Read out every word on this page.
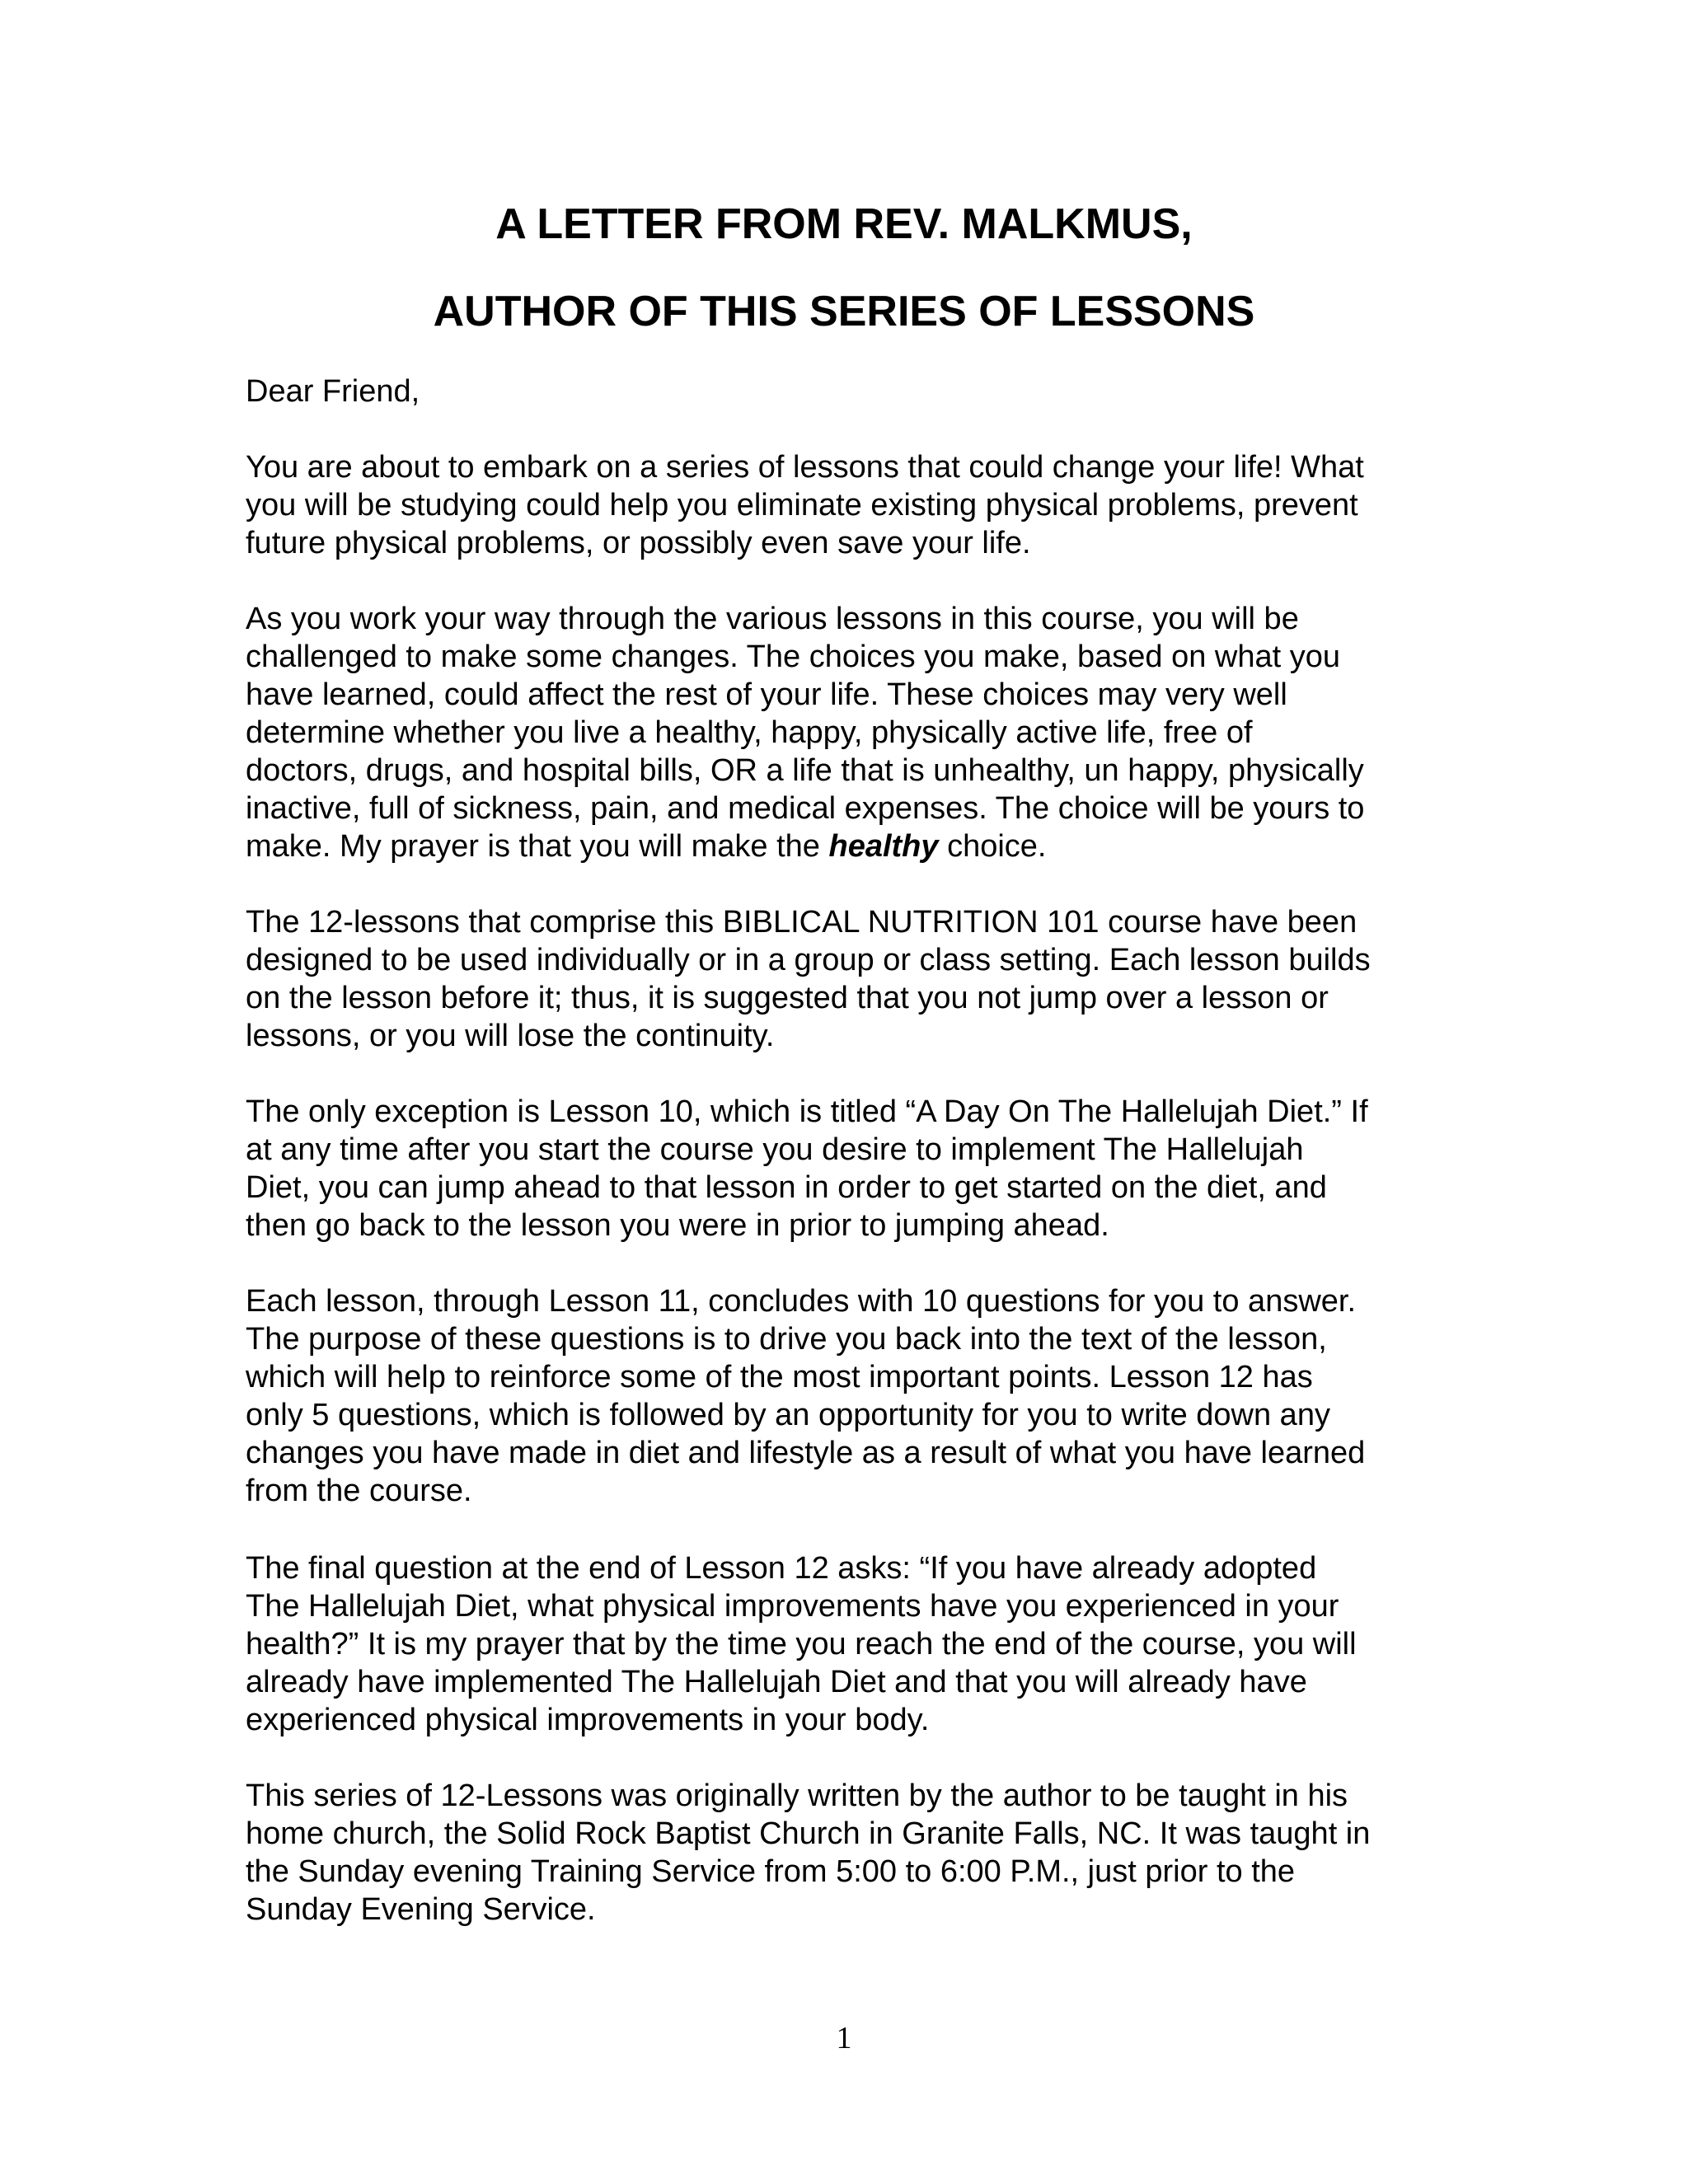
A LETTER FROM REV. MALKMUS,
AUTHOR OF THIS SERIES OF LESSONS

Dear Friend,

You are about to embark on a series of lessons that could change your life! What
you will be studying could help you eliminate existing physical problems, prevent
future physical problems, or possibly even save your life.

As you work your way through the various lessons in this course, you will be
challenged to make some changes. The choices you make, based on what you
have learned, could affect the rest of your life. These choices may very well
determine whether you live a healthy, happy, physically active life, free of
doctors, drugs, and hospital bills, OR a life that is unhealthy, un happy, physically
inactive, full of sickness, pain, and medical expenses. The choice will be yours to
make. My prayer is that you will make the healthy choice.

The 12-lessons that comprise this BIBLICAL NUTRITION 101 course have been
designed to be used individually or in a group or class setting. Each lesson builds
on the lesson before it; thus, it is suggested that you not jump over a lesson or
lessons, or you will lose the continuity.

The only exception is Lesson 10, which is titled “A Day On The Hallelujah Diet.” If
at any time after you start the course you desire to implement The Hallelujah
Diet, you can jump ahead to that lesson in order to get started on the diet, and
then go back to the lesson you were in prior to jumping ahead.

Each lesson, through Lesson 11, concludes with 10 questions for you to answer.
The purpose of these questions is to drive you back into the text of the lesson,
which will help to reinforce some of the most important points. Lesson 12 has
only 5 questions, which is followed by an opportunity for you to write down any
changes you have made in diet and lifestyle as a result of what you have learned
from the course.

The final question at the end of Lesson 12 asks: “If you have already adopted
The Hallelujah Diet, what physical improvements have you experienced in your
health?” It is my prayer that by the time you reach the end of the course, you will
already have implemented The Hallelujah Diet and that you will already have
experienced physical improvements in your body.

This series of 12-Lessons was originally written by the author to be taught in his
home church, the Solid Rock Baptist Church in Granite Falls, NC. It was taught in
the Sunday evening Training Service from 5:00 to 6:00 P.M., just prior to the
Sunday Evening Service.

1
